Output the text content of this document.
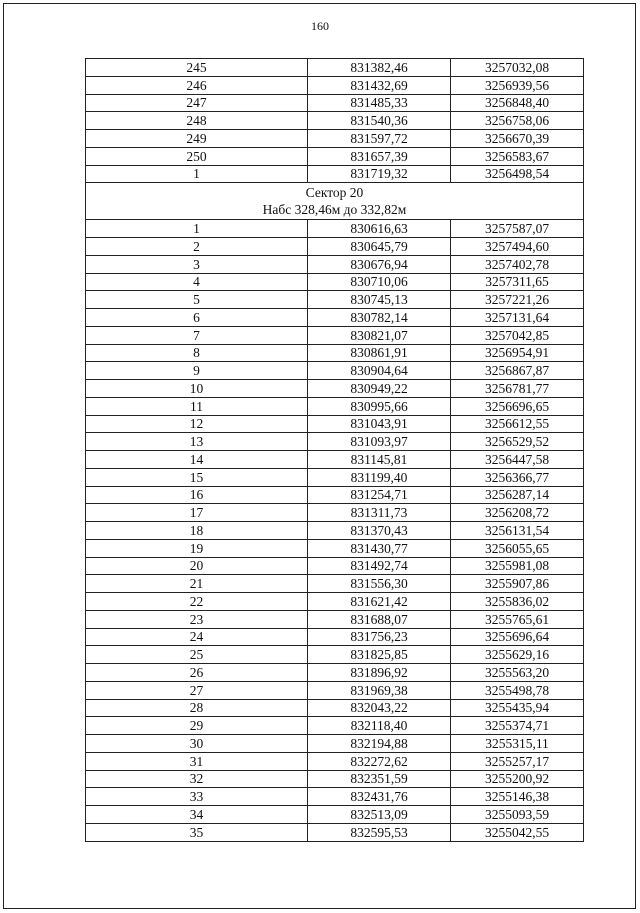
160
245	831382,46	3257032,08
246	831432,69	3256939,56
247	831485,33	3256848,40
248	831540,36	3256758,06
249	831597,72	3256670,39
250	831657,39	3256583,67
1	831719,32	3256498,54

Сектор 20
Набс 328,46м до 332,82м		

1	830616,63	3257587,07
2	830645,79	3257494,60
3	830676,94	3257402,78
4	830710,06	3257311,65
5	830745,13	3257221,26
6	830782,14	3257131,64
7	830821,07	3257042,85
8	830861,91	3256954,91
9	830904,64	3256867,87
10	830949,22	3256781,77
11	830995,66	3256696,65
12	831043,91	3256612,55
13	831093,97	3256529,52
14	831145,81	3256447,58
15	831199,40	3256366,77
16	831254,71	3256287,14
17	831311,73	3256208,72
18	831370,43	3256131,54
19	831430,77	3256055,65
20	831492,74	3255981,08
21	831556,30	3255907,86
22	831621,42	3255836,02
23	831688,07	3255765,61
24	831756,23	3255696,64
25	831825,85	3255629,16
26	831896,92	3255563,20
27	831969,38	3255498,78
28	832043,22	3255435,94
29	832118,40	3255374,71
30	832194,88	3255315,11
31	832272,62	3255257,17
32	832351,59	3255200,92
33	832431,76	3255146,38
34	832513,09	3255093,59
35	832595,53	3255042,55
